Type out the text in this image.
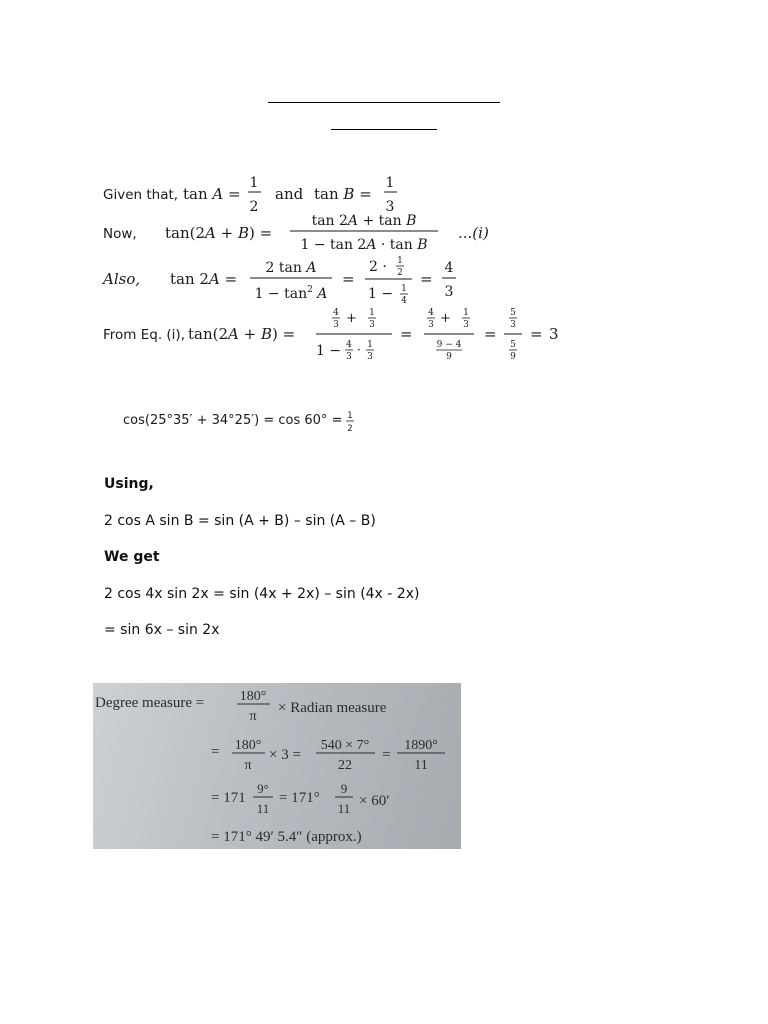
Given that, tan A =
1
2
and tan B =
1
3
Now, tan(2A + B) =
tan 2A + tan B
1 − tan 2A · tan B
...(i)
Also, tan 2A =
2 tan A
$1 - \tan^2 A$
=
2 · 1
2
1 − 1
4
=
4
3
From Eq. (i), tan(2A + B) =
4
3 + 1
3
1 − 4
3 · 1
3
=
4
3 + 1
3
9 − 4
9
=
5
3
5
9
= 3
cos(25°35′ + 34°25′) = cos 60° = 1
2

Using,

2 cos A sin B = sin (A + B) – sin (A – B)

We get

2 cos 4x sin 2x = sin (4x + 2x) – sin (4x - 2x)

= sin 6x – sin 2x

Degree measure =	180°
π
× Radian measure
= 180°
π
× 3 =
540 × 7°
22
=
1890°
11
= 171
9°
11
= 171°
9
11 × 60′
= 171° 49′ 5.4″ (approx.)
